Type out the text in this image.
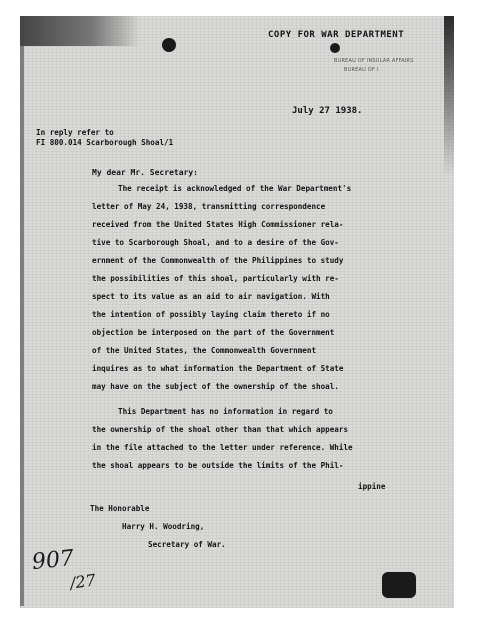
COPY FOR WAR DEPARTMENT
BUREAU OF INSULAR AFFAIRS
BUREAU OF I
July 27 1938.
In reply refer to
FI 800.014 Scarborough Shoal/1
My dear Mr. Secretary:
The receipt is acknowledged of the War Department's
letter of May 24, 1938, transmitting correspondence
received from the United States High Commissioner rela-
tive to Scarborough Shoal, and to a desire of the Gov-
ernment of the Commonwealth of the Philippines to study
the possibilities of this shoal, particularly with re-
spect to its value as an aid to air navigation. With
the intention of possibly laying claim thereto if no
objection be interposed on the part of the Government
of the United States, the Commonwealth Government
inquires as to what information the Department of State
may have on the subject of the ownership of the shoal.
This Department has no information in regard to
the ownership of the shoal other than that which appears
in the file attached to the letter under reference. While
the shoal appears to be outside the limits of the Phil-
ippine
The Honorable
Harry H. Woodring,
Secretary of War.
907
/27
